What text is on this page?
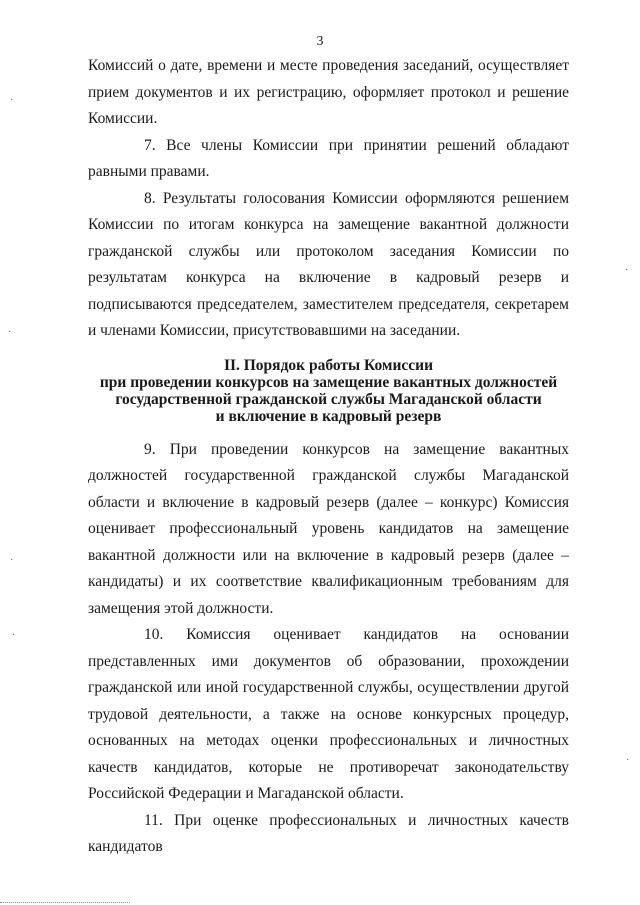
3

Комиссий о дате, времени и месте проведения заседаний, осуществляет прием документов и их регистрацию, оформляет протокол и решение Комиссии.

7. Все члены Комиссии при принятии решений обладают равными правами.

8. Результаты голосования Комиссии оформляются решением Комиссии по итогам конкурса на замещение вакантной должности гражданской службы или протоколом заседания Комиссии по результатам конкурса на включение в кадровый резерв и подписываются председателем, заместителем председателя, секретарем и членами Комиссии, присутствовавшими на заседании.

II. Порядок работы Комиссии
при проведении конкурсов на замещение вакантных должностей
государственной гражданской службы Магаданской области
и включение в кадровый резерв

9. При проведении конкурсов на замещение вакантных должностей государственной гражданской службы Магаданской области и включение в кадровый резерв (далее – конкурс) Комиссия оценивает профессиональный уровень кандидатов на замещение вакантной должности или на включение в кадровый резерв (далее – кандидаты) и их соответствие квалификационным требованиям для замещения этой должности.

10. Комиссия оценивает кандидатов на основании представленных ими документов об образовании, прохождении гражданской или иной государственной службы, осуществлении другой трудовой деятельности, а также на основе конкурсных процедур, основанных на методах оценки профессиональных и личностных качеств кандидатов, которые не противоречат законодательству Российской Федерации и Магаданской области.

11. При оценке профессиональных и личностных качеств кандидатов

·
·
·
·
·
·
